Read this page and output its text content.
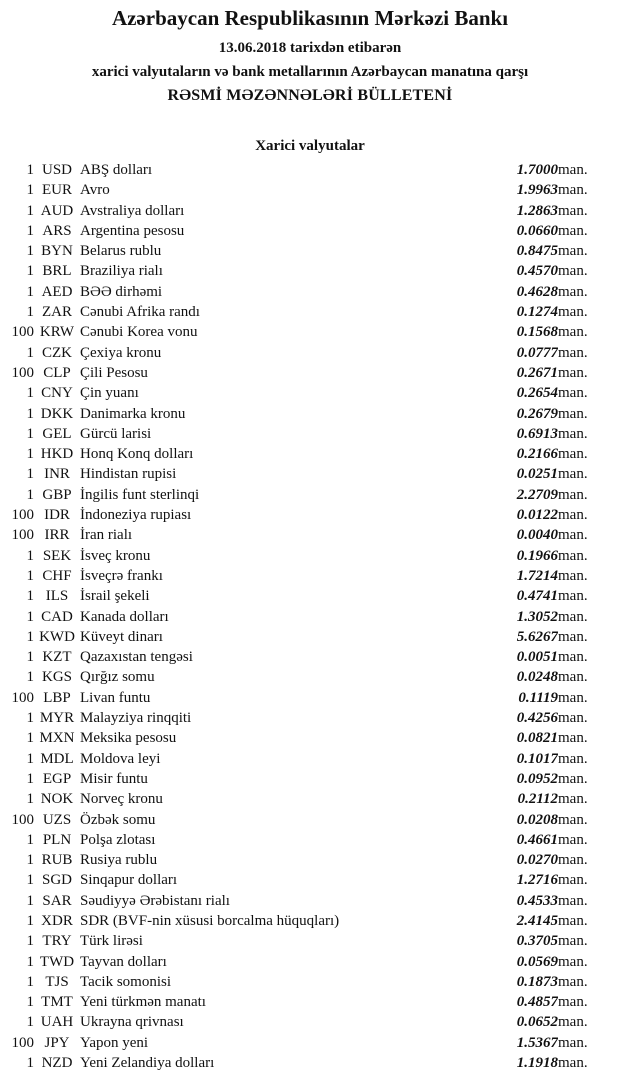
Azərbaycan Respublikasının Mərkəzi Bankı
13.06.2018 tarixdən etibarən
xarici valyutaların və bank metallarının Azərbaycan manatına qarşı
RƏSMİ MƏZƏNNƏLƏRİ BÜLLETENİ
Xarici valyutalar
1	USD	ABŞ dolları	1.7000	man.
1	EUR	Avro	1.9963	man.
1	AUD	Avstraliya dolları	1.2863	man.
1	ARS	Argentina pesosu	0.0660	man.
1	BYN	Belarus rublu	0.8475	man.
1	BRL	Braziliya rialı	0.4570	man.
1	AED	BƏƏ dirhəmi	0.4628	man.
1	ZAR	Cənubi Afrika randı	0.1274	man.
100	KRW	Cənubi Korea vonu	0.1568	man.
1	CZK	Çexiya kronu	0.0777	man.
100	CLP	Çili Pesosu	0.2671	man.
1	CNY	Çin yuanı	0.2654	man.
1	DKK	Danimarka kronu	0.2679	man.
1	GEL	Gürcü larisi	0.6913	man.
1	HKD	Honq Konq dolları	0.2166	man.
1	INR	Hindistan rupisi	0.0251	man.
1	GBP	İngilis funt sterlinqi	2.2709	man.
100	IDR	İndoneziya rupiası	0.0122	man.
100	IRR	İran rialı	0.0040	man.
1	SEK	İsveç kronu	0.1966	man.
1	CHF	İsveçrə frankı	1.7214	man.
1	ILS	İsrail şekeli	0.4741	man.
1	CAD	Kanada dolları	1.3052	man.
1	KWD	Küveyt dinarı	5.6267	man.
1	KZT	Qazaxıstan tengəsi	0.0051	man.
1	KGS	Qırğız somu	0.0248	man.
100	LBP	Livan funtu	0.1119	man.
1	MYR	Malayziya rinqqiti	0.4256	man.
1	MXN	Meksika pesosu	0.0821	man.
1	MDL	Moldova leyi	0.1017	man.
1	EGP	Misir funtu	0.0952	man.
1	NOK	Norveç kronu	0.2112	man.
100	UZS	Özbək somu	0.0208	man.
1	PLN	Polşa zlotası	0.4661	man.
1	RUB	Rusiya rublu	0.0270	man.
1	SGD	Sinqapur dolları	1.2716	man.
1	SAR	Səudiyyə Ərəbistanı rialı	0.4533	man.
1	XDR	SDR (BVF-nin xüsusi borcalma hüquqları)	2.4145	man.
1	TRY	Türk lirəsi	0.3705	man.
1	TWD	Tayvan dolları	0.0569	man.
1	TJS	Tacik somonisi	0.1873	man.
1	TMT	Yeni türkmən manatı	0.4857	man.
1	UAH	Ukrayna qrivnası	0.0652	man.
100	JPY	Yapon yeni	1.5367	man.
1	NZD	Yeni Zelandiya dolları	1.1918	man.
